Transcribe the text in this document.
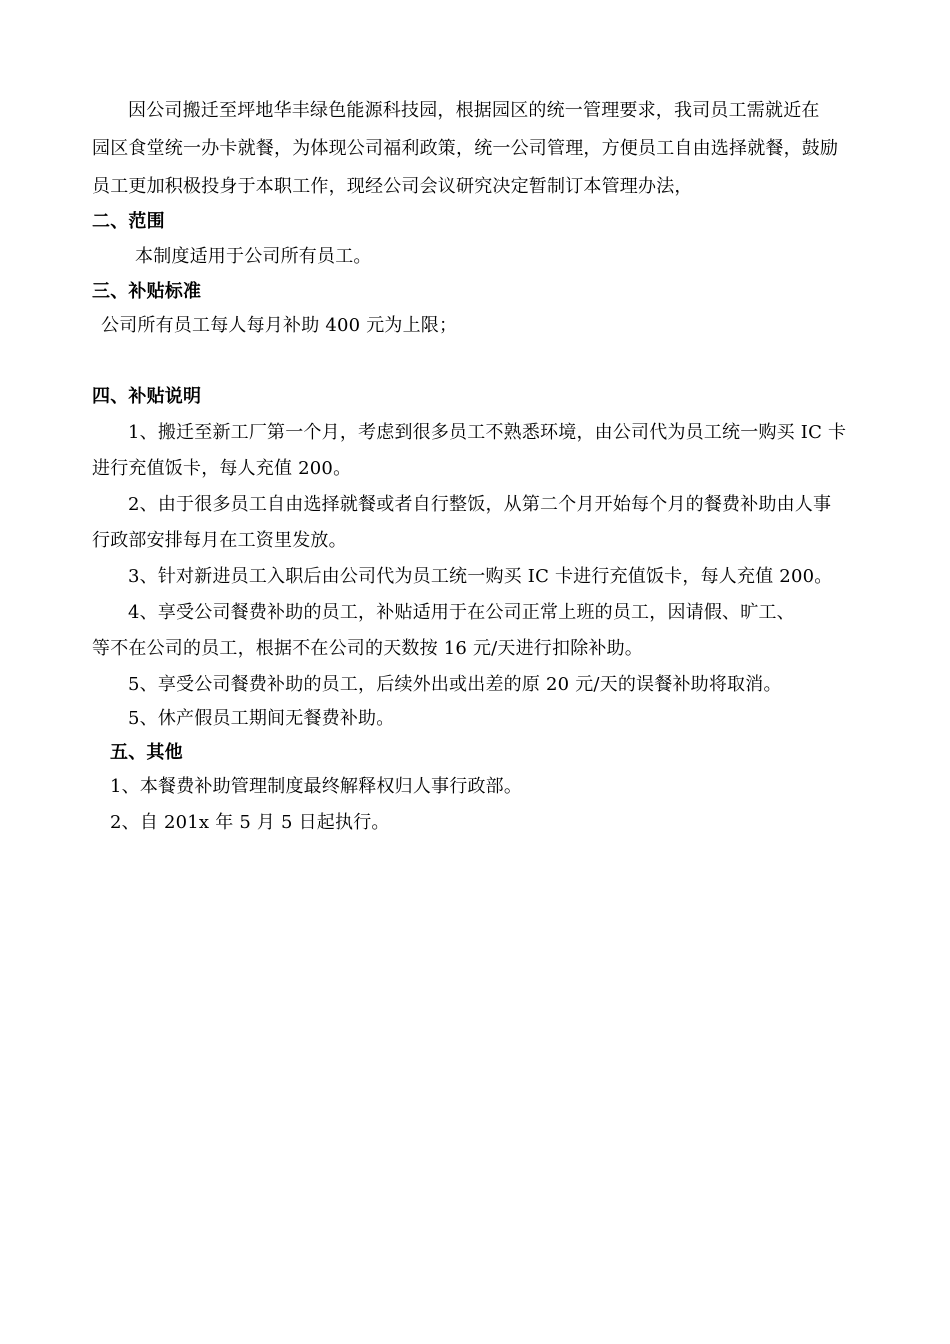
因公司搬迁至坪地华丰绿色能源科技园，根据园区的统一管理要求，我司员工需就近在
园区食堂统一办卡就餐，为体现公司福利政策，统一公司管理，方便员工自由选择就餐，鼓励
员工更加积极投身于本职工作，现经公司会议研究决定暂制订本管理办法，
二、范围
本制度适用于公司所有员工。
三、补贴标准
公司所有员工每人每月补助 400 元为上限；
四、补贴说明
1、搬迁至新工厂第一个月，考虑到很多员工不熟悉环境，由公司代为员工统一购买 IC 卡
进行充值饭卡，每人充值 200。
2、由于很多员工自由选择就餐或者自行整饭，从第二个月开始每个月的餐费补助由人事
行政部安排每月在工资里发放。
3、针对新进员工入职后由公司代为员工统一购买 IC 卡进行充值饭卡，每人充值 200。
4、享受公司餐费补助的员工，补贴适用于在公司正常上班的员工，因请假、旷工、
等不在公司的员工，根据不在公司的天数按 16 元/天进行扣除补助。
5、享受公司餐费补助的员工，后续外出或出差的原 20 元/天的误餐补助将取消。
5、休产假员工期间无餐费补助。
五、其他
1、本餐费补助管理制度最终解释权归人事行政部。
2、自 201x 年 5 月 5 日起执行。
